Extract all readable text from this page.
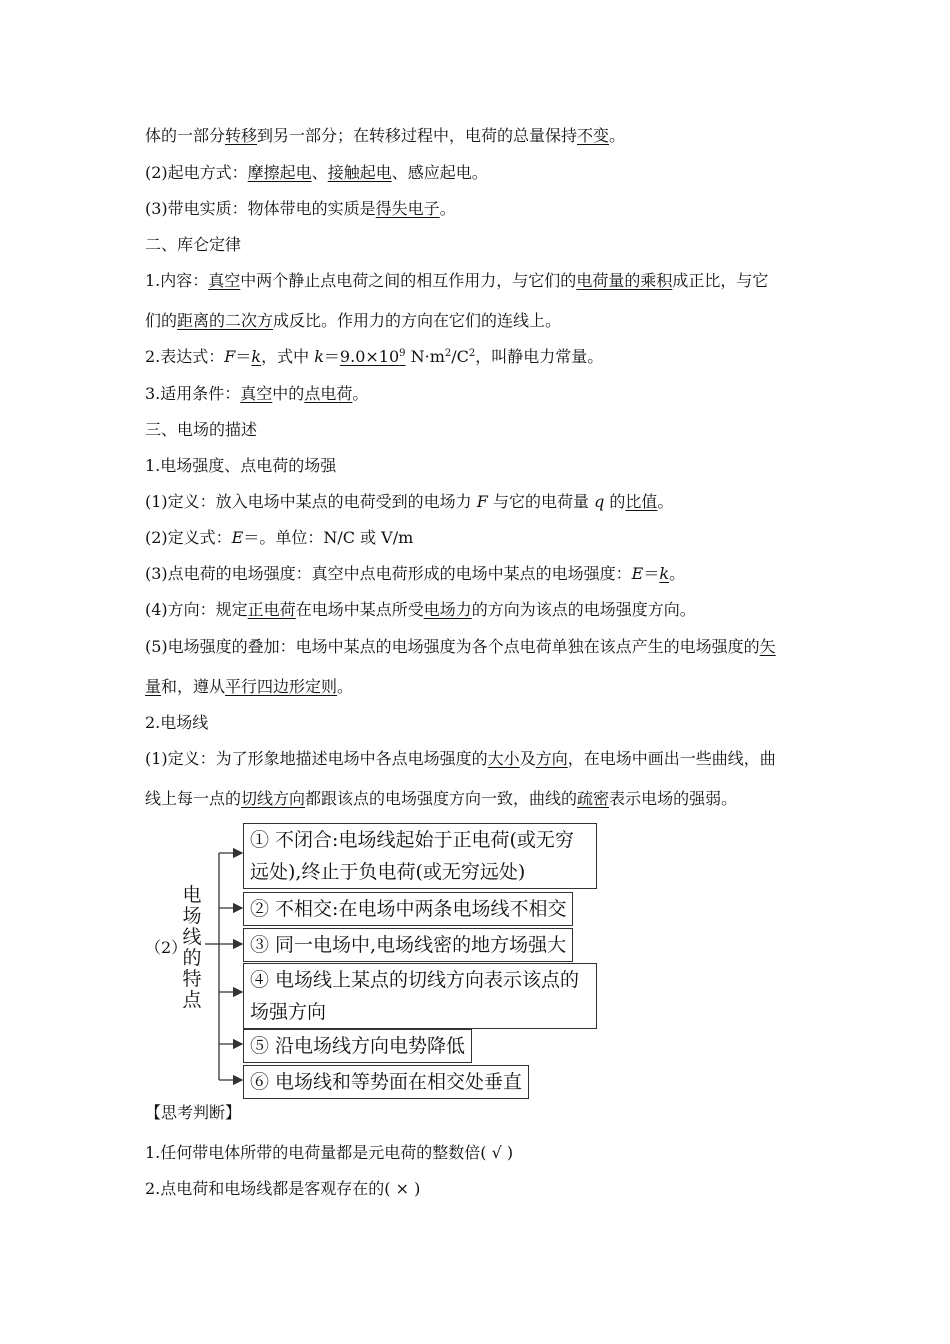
体的一部分转移到另一部分；在转移过程中，电荷的总量保持不变。
(2)起电方式：摩擦起电、接触起电、感应起电。
(3)带电实质：物体带电的实质是得失电子。
二、库仑定律
1.内容：真空中两个静止点电荷之间的相互作用力，与它们的电荷量的乘积成正比，与它
们的距离的二次方成反比。作用力的方向在它们的连线上。
2.表达式：F＝k，式中 $k=9.0\times 10^9$ $N\cdot m^2/C^2$，叫静电力常量。
3.适用条件：真空中的点电荷。
三、电场的描述
1.电场强度、点电荷的场强
(1)定义：放入电场中某点的电荷受到的电场力 F 与它的电荷量 q 的比值。
(2)定义式：E＝。单位：N/C 或 V/m
(3)点电荷的电场强度：真空中点电荷形成的电场中某点的电场强度：E＝k。
(4)方向：规定正电荷在电场中某点所受电场力的方向为该点的电场强度方向。
(5)电场强度的叠加：电场中某点的电场强度为各个点电荷单独在该点产生的电场强度的矢
量和，遵从平行四边形定则。
2.电场线
(1)定义：为了形象地描述电场中各点电场强度的大小及方向，在电场中画出一些曲线，曲
线上每一点的切线方向都跟该点的电场强度方向一致，曲线的疏密表示电场的强弱。
（2）
电
场
线
的
特
点
① 不闭合:电场线起始于正电荷(或无穷
远处),终止于负电荷(或无穷远处)
② 不相交:在电场中两条电场线不相交
③ 同一电场中,电场线密的地方场强大
④ 电场线上某点的切线方向表示该点的
场强方向
⑤ 沿电场线方向电势降低
⑥ 电场线和等势面在相交处垂直
【思考判断】
1.任何带电体所带的电荷量都是元电荷的整数倍( √ )
2.点电荷和电场线都是客观存在的( × )
